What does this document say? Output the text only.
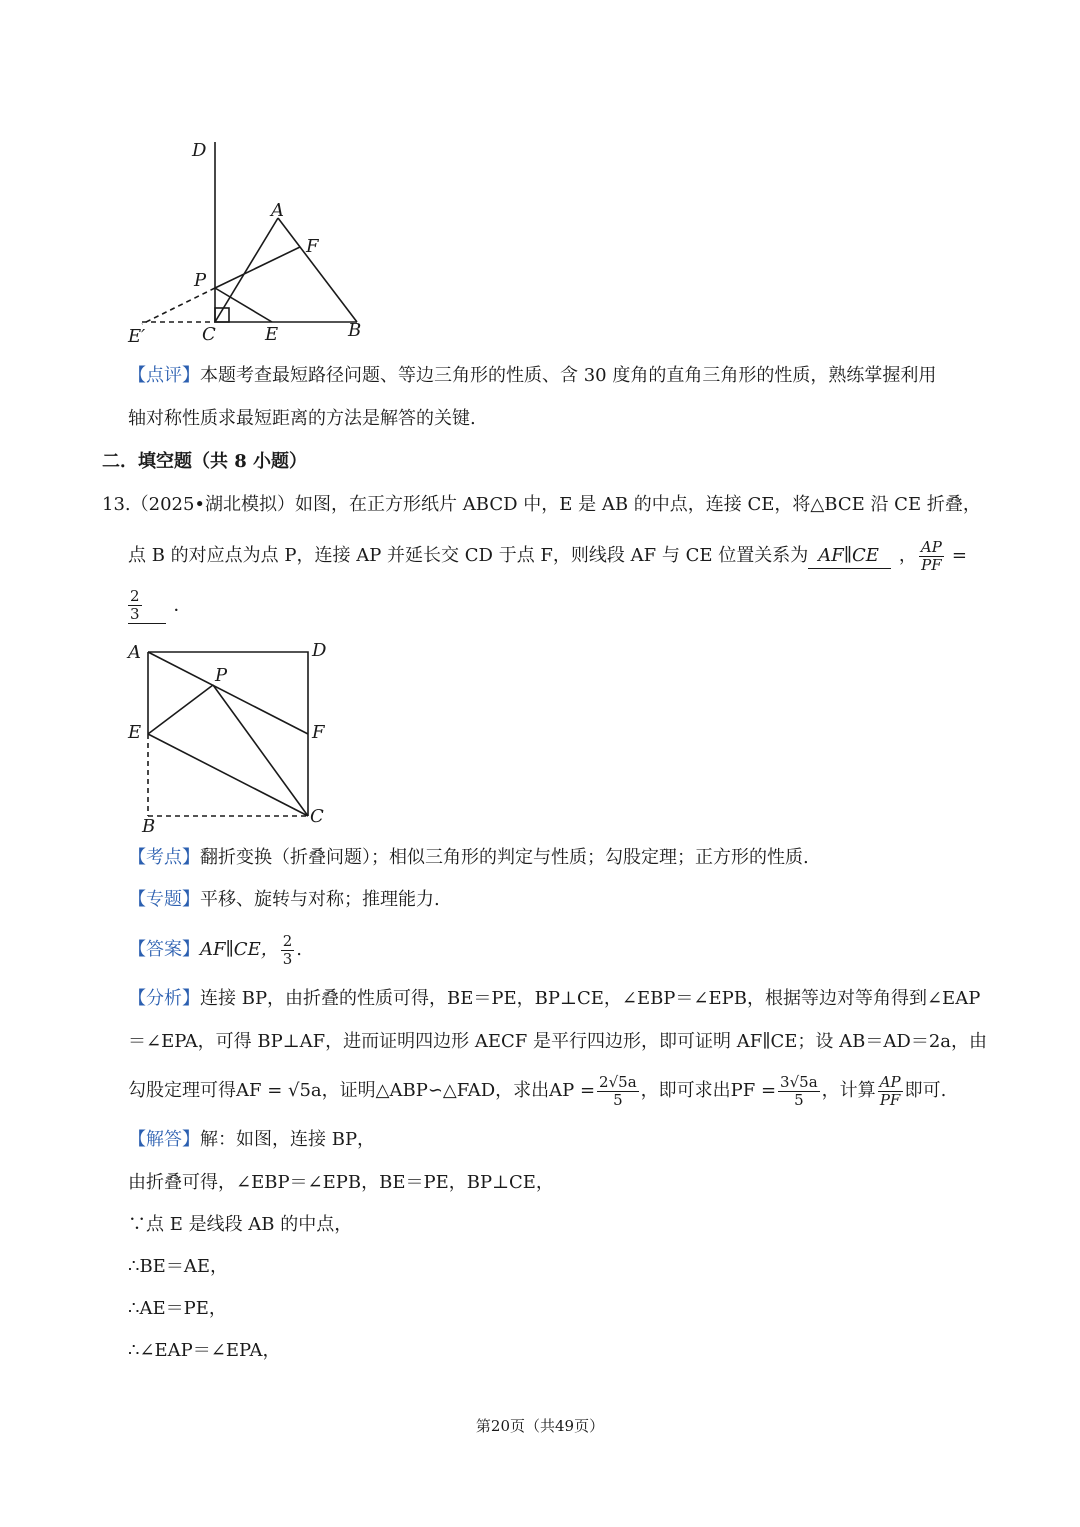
D
A
F
P
E′	C	E	B
【点评】本题考查最短路径问题、等边三角形的性质、含 30 度角的直角三角形的性质，熟练掌握利用
轴对称性质求最短距离的方法是解答的关键.
二．填空题（共 8 小题）
13.（2025•湖北模拟）如图，在正方形纸片 ABCD 中，E 是 AB 的中点，连接 CE，将△BCE 沿 CE 折叠，
点 B 的对应点为点 P，连接 AP 并延长交 CD 于点 F，则线段 AF 与 CE 位置关系为 AF∥CE	， $\frac{AP}{PF}$ =
$\frac{2}{3}$ ．
A	D
P
E	F
B	C
【考点】翻折变换（折叠问题）；相似三角形的判定与性质；勾股定理；正方形的性质.
【专题】平移、旋转与对称；推理能力.
【答案】 AF∥CE， $\frac{2}{3}$ .
【分析】连接 BP，由折叠的性质可得，BE＝PE，BP⊥CE，∠EBP＝∠EPB，根据等边对等角得到∠EAP
＝∠EPA，可得 BP⊥AF，进而证明四边形 AECF 是平行四边形，即可证明 AF∥CE；设 AB＝AD＝2a，由
勾股定理可得AF = √5a，证明△ABP∽△FAD，求出AP = $\frac{2√5a}{5}$ ，即可求出PF = $\frac{3√5a}{5}$ ，计算 $\frac{AP}{PF}$ 即可.
【解答】解：如图，连接 BP，
由折叠可得，∠EBP＝∠EPB，BE＝PE，BP⊥CE，
∵点 E 是线段 AB 的中点，
∴BE＝AE，
∴AE＝PE，
∴∠EAP＝∠EPA，
第20页（共49页）
